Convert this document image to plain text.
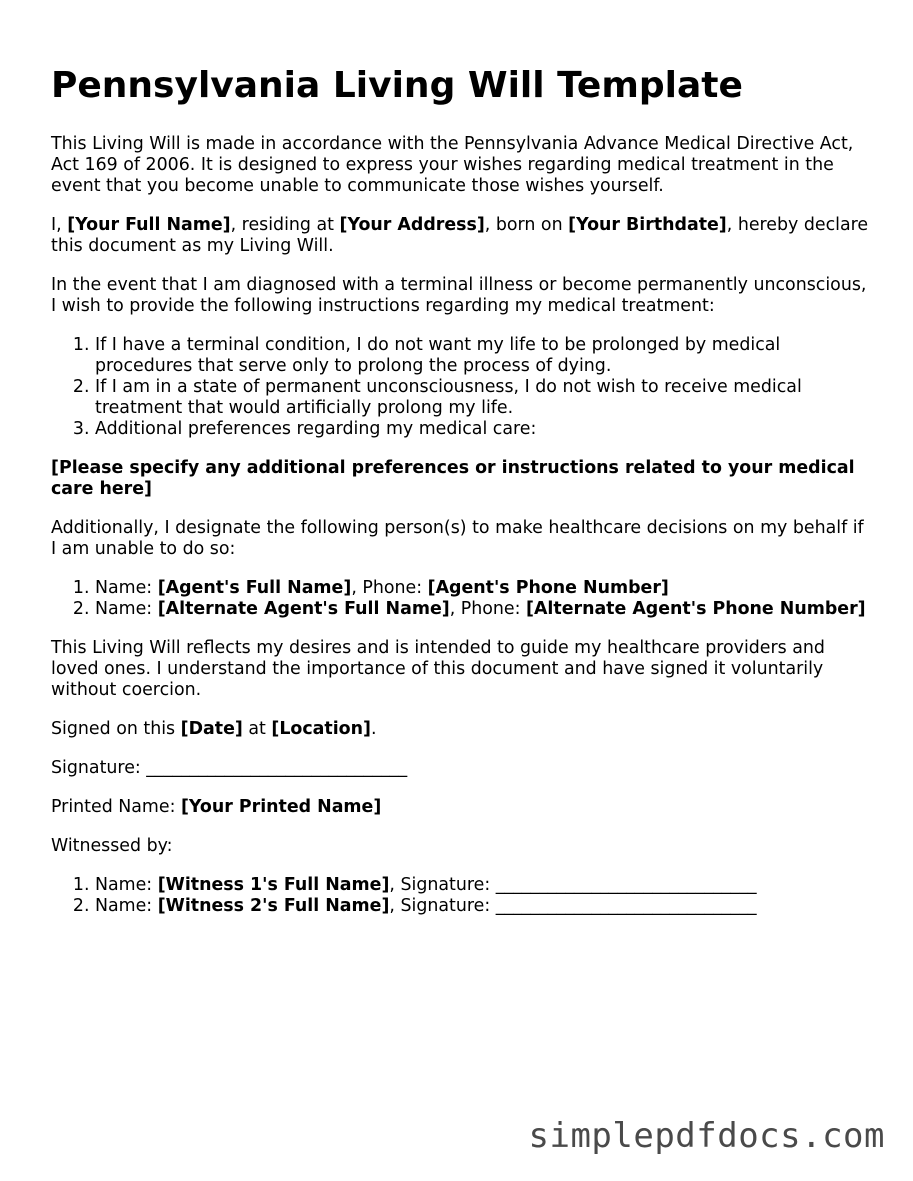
Pennsylvania Living Will Template

This Living Will is made in accordance with the Pennsylvania Advance Medical Directive Act, Act 169 of 2006. It is designed to express your wishes regarding medical treatment in the event that you become unable to communicate those wishes yourself.

I, [Your Full Name], residing at [Your Address], born on [Your Birthdate], hereby declare this document as my Living Will.

In the event that I am diagnosed with a terminal illness or become permanently unconscious, I wish to provide the following instructions regarding my medical treatment:

1. If I have a terminal condition, I do not want my life to be prolonged by medical procedures that serve only to prolong the process of dying.
2. If I am in a state of permanent unconsciousness, I do not wish to receive medical treatment that would artificially prolong my life.
3. Additional preferences regarding my medical care:

[Please specify any additional preferences or instructions related to your medical care here]

Additionally, I designate the following person(s) to make healthcare decisions on my behalf if I am unable to do so:

1. Name: [Agent's Full Name], Phone: [Agent's Phone Number]
2. Name: [Alternate Agent's Full Name], Phone: [Alternate Agent's Phone Number]

This Living Will reflects my desires and is intended to guide my healthcare providers and loved ones. I understand the importance of this document and have signed it voluntarily without coercion.

Signed on this [Date] at [Location].

Signature: ______________________________

Printed Name: [Your Printed Name]

Witnessed by:

1. Name: [Witness 1's Full Name], Signature: ______________________________
2. Name: [Witness 2's Full Name], Signature: ______________________________
simplepdfdocs.com
